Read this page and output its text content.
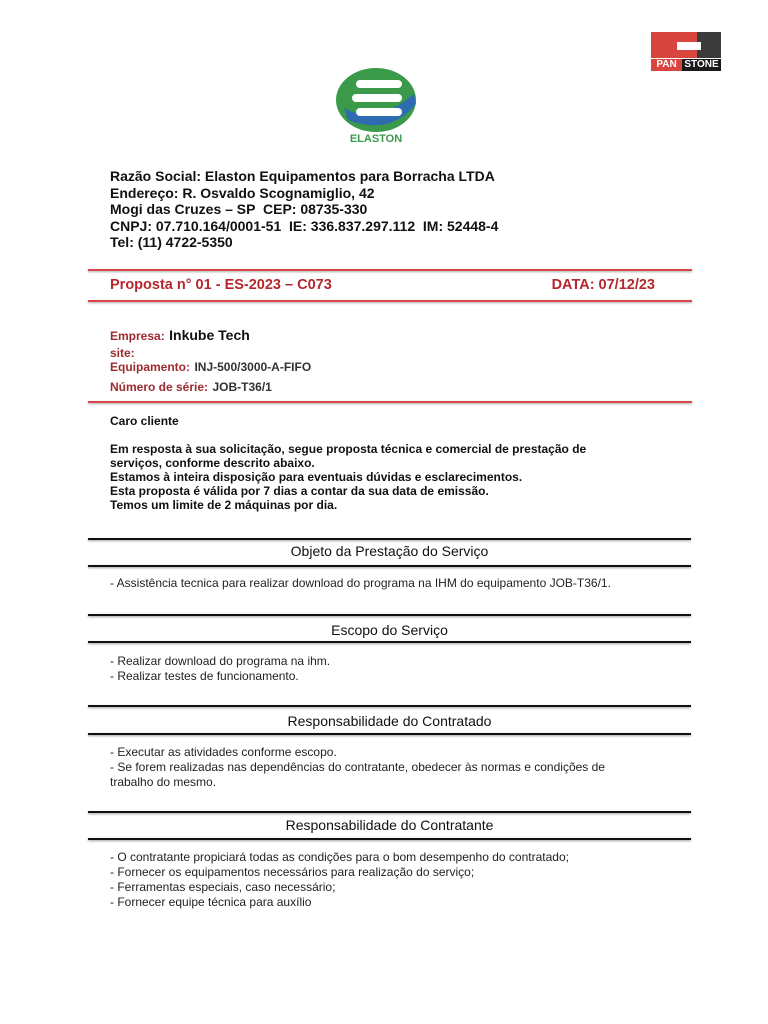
ELASTON
PAN STONE
Razão Social: Elaston Equipamentos para Borracha LTDA
Endereço: R. Osvaldo Scognamiglio, 42
Mogi das Cruzes – SP  CEP: 08735-330
CNPJ: 07.710.164/0001-51  IE: 336.837.297.112  IM: 52448-4
Tel: (11) 4722-5350
Proposta n° 01 - ES-2023 – C073	DATA: 07/12/23
Empresa: Inkube Tech
site:
Equipamento: INJ-500/3000-A-FIFO
Número de série: JOB-T36/1
Caro cliente
Em resposta à sua solicitação, segue proposta técnica e comercial de prestação de
serviços, conforme descrito abaixo.
Estamos à inteira disposição para eventuais dúvidas e esclarecimentos.
Esta proposta é válida por 7 dias a contar da sua data de emissão.
Temos um limite de 2 máquinas por dia.
Objeto da Prestação do Serviço
- Assistência tecnica para realizar download do programa na IHM do equipamento JOB-T36/1.
Escopo do Serviço
- Realizar download do programa na ihm.
- Realizar testes de funcionamento.
Responsabilidade do Contratado
- Executar as atividades conforme escopo.
- Se forem realizadas nas dependências do contratante, obedecer às normas e condições de
trabalho do mesmo.
Responsabilidade do Contratante
- O contratante propiciará todas as condições para o bom desempenho do contratado;
- Fornecer os equipamentos necessários para realização do serviço;
- Ferramentas especiais, caso necessário;
- Fornecer equipe técnica para auxílio
